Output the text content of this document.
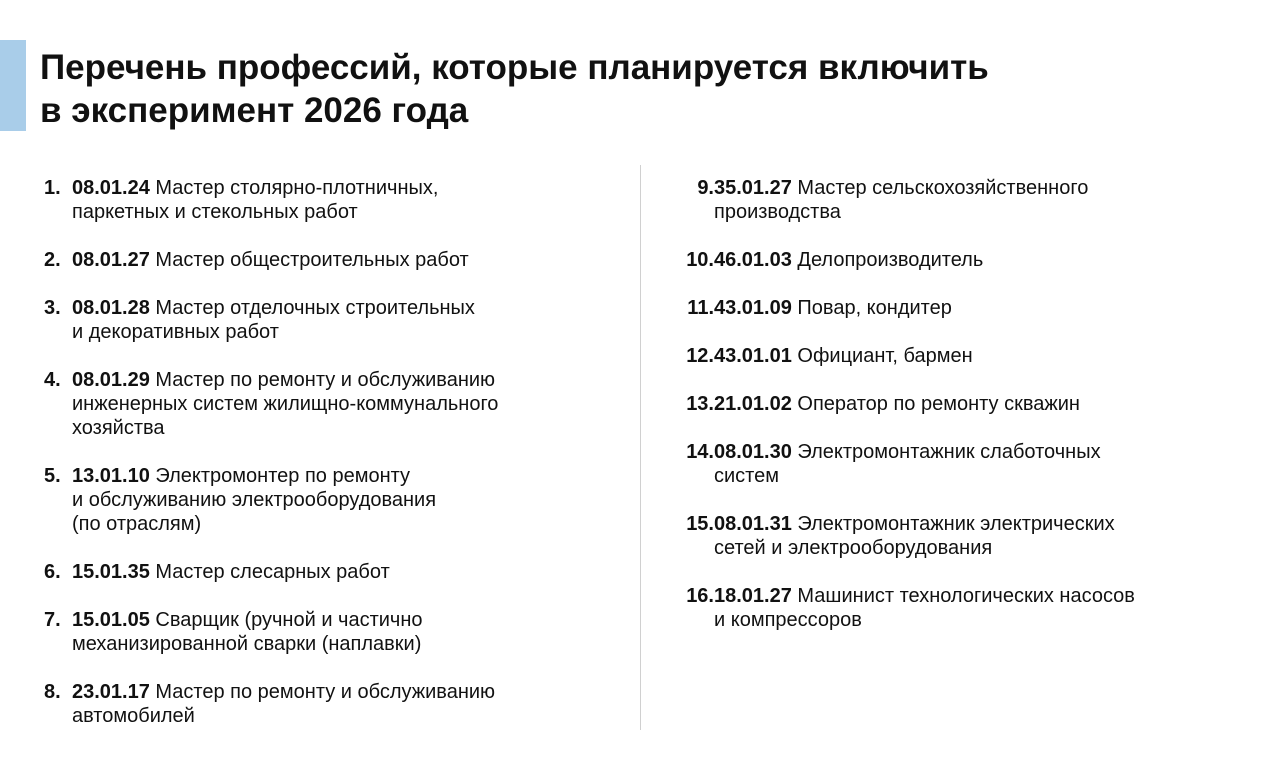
Перечень профессий, которые планируется включить
в эксперимент 2026 года
1. 08.01.24 Мастер столярно-плотничных,
паркетных и стекольных работ
2. 08.01.27 Мастер общестроительных работ
3. 08.01.28 Мастер отделочных строительных
и декоративных работ
4. 08.01.29 Мастер по ремонту и обслуживанию
инженерных систем жилищно-коммунального
хозяйства
5. 13.01.10 Электромонтер по ремонту
и обслуживанию электрооборудования
(по отраслям)
6. 15.01.35 Мастер слесарных работ
7. 15.01.05 Сварщик (ручной и частично
механизированной сварки (наплавки)
8. 23.01.17 Мастер по ремонту и обслуживанию
автомобилей
9. 35.01.27 Мастер сельскохозяйственного
производства
10. 46.01.03 Делопроизводитель
11. 43.01.09 Повар, кондитер
12. 43.01.01 Официант, бармен
13. 21.01.02 Оператор по ремонту скважин
14. 08.01.30 Электромонтажник слаботочных
систем
15. 08.01.31 Электромонтажник электрических
сетей и электрооборудования
16. 18.01.27 Машинист технологических насосов
и компрессоров
